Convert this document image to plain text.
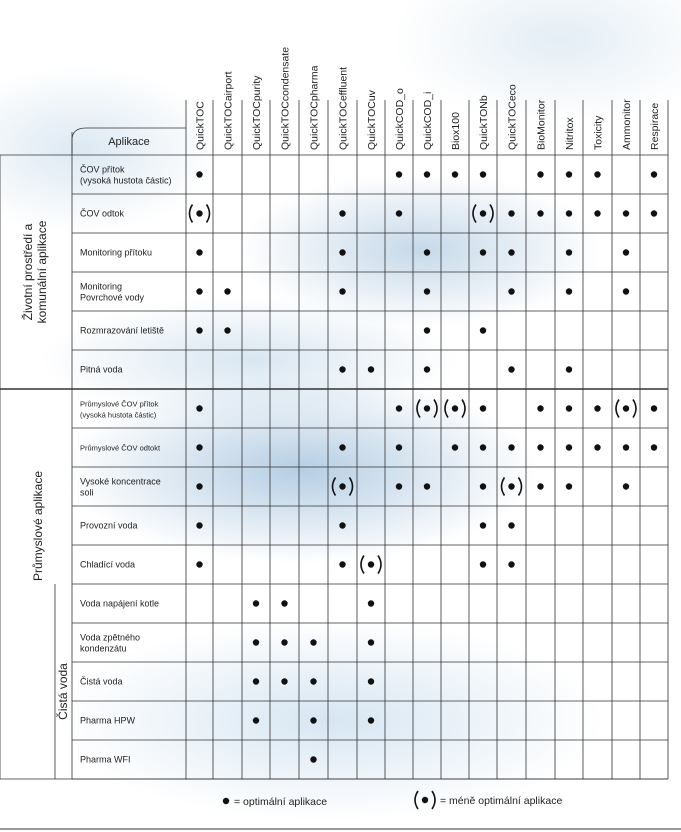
Aplikace	QuickTOC QuickTOCairport QuickTOCpurity QuickTOCcondensate QuickTOCpharma QuickTOCeffluent QuickTOCuv QuickCOD_o QuickCOD_i Biox100 QuickTONb QuickTOCeco BioMonitor Nitritox Toxicity Ammonitor Respirace
ČOV přítok
(vysoká hustota částic)
ČOV odtok
Monitoring přítoku
Monitoring
Povrchové vody
Rozmrazování letiště
Pitná voda
Průmyslové ČOV přítok
(vysoká hustota částic)
Průmyslové ČOV odtokt
Vysoké koncentrace
soli
Provozní voda
Chladící voda
Voda napájení kotle
Voda zpětného
kondenzátu
Čistá voda
Pharma HPW
Pharma WFI
Životní prostředí a komunální aplikace
Průmyslové aplikace
Čistá voda
= optimální aplikace	= méně optimální aplikace
